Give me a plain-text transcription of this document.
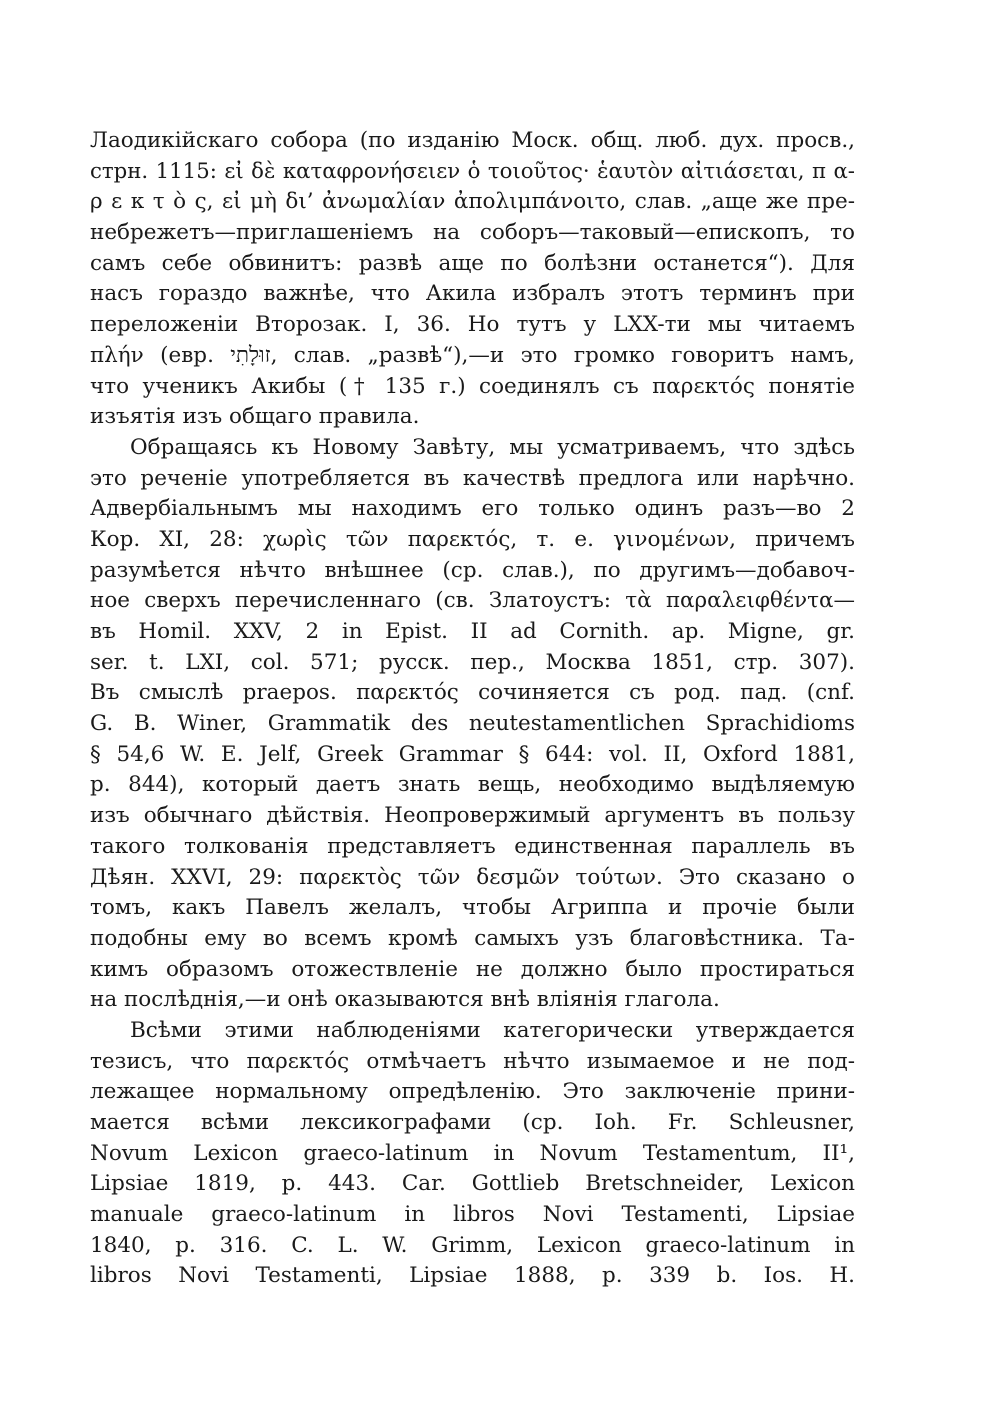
Лаодикійскаго собора (по изданію Моск. общ. люб. дух. просв.,
стрн. 1115: εἰ δὲ καταφρονήσειεν ὁ τοιοῦτος· ἑαυτὸν αἰτιάσεται, π α-
ρ ε κ τ ὸ ς, εἰ μὴ δι’ ἀνωμαλίαν ἀπολιμπάνοιτο, слав. „аще же пре-
небрежетъ—приглашеніемъ на соборъ—таковый—епископъ, то
самъ себе обвинитъ: развѣ аще по болѣзни останется“). Для
насъ гораздо важнѣе, что Акила избралъ этотъ терминъ при
переложеніи Второзак. I, 36. Но тутъ у LXX-ти мы читаемъ
πλήν (евр. זוּלָתִי, слав. „развѣ“),—и это громко говоритъ намъ,
что ученикъ Акибы († 135 г.) соединялъ съ παρεκτός понятіе
изъятія изъ общаго правила.
Обращаясь къ Новому Завѣту, мы усматриваемъ, что здѣсь
это реченіе употребляется въ качествѣ предлога или нарѣчно.
Адвербіальнымъ мы находимъ его только одинъ разъ—во 2
Кор. XI, 28: χωρὶς τῶν παρεκτός, т. е. γινομένων, причемъ
разумѣется нѣчто внѣшнее (ср. слав.), по другимъ—добавоч-
ное сверхъ перечисленнаго (св. Златоустъ: τὰ παραλειφθέντα—
въ Homil. XXV, 2 in Epist. II ad Cornith. ap. Migne, gr.
ser. t. LXI, col. 571; русск. пер., Москва 1851, стр. 307).
Въ смыслѣ praepos. παρεκτός сочиняется съ род. пад. (cnf.
G. B. Winer, Grammatik des neutestamentlichen Sprachidioms
§ 54,6 W. E. Jelf, Greek Grammar § 644: vol. II, Oxford 1881,
p. 844), который даетъ знать вещь, необходимо выдѣляемую
изъ обычнаго дѣйствія. Неопровержимый аргументъ въ пользу
такого толкованія представляетъ единственная параллель въ
Дѣян. XXVI, 29: παρεκτὸς τῶν δεσμῶν τούτων. Это сказано о
томъ, какъ Павелъ желалъ, чтобы Агриппа и прочіе были
подобны ему во всемъ кромѣ самыхъ узъ благовѣстника. Та-
кимъ образомъ отожествленіе не должно было простираться
на послѣднія,—и онѣ оказываются внѣ вліянія глагола.
Всѣми этими наблюденіями категорически утверждается
тезисъ, что παρεκτός отмѣчаетъ нѣчто изымаемое и не под-
лежащее нормальному опредѣленію. Это заключеніе прини-
мается всѣми лексикографами (ср. Ioh. Fr. Schleusner,
Novum Lexicon graeco-latinum in Novum Testamentum, II¹,
Lipsiae 1819, p. 443. Car. Gottlieb Bretschneider, Lexicon
manuale graeco-latinum in libros Novi Testamenti, Lipsiae
1840, p. 316. C. L. W. Grimm, Lexicon graeco-latinum in
libros Novi Testamenti, Lipsiae 1888, p. 339 b. Ios. H.
